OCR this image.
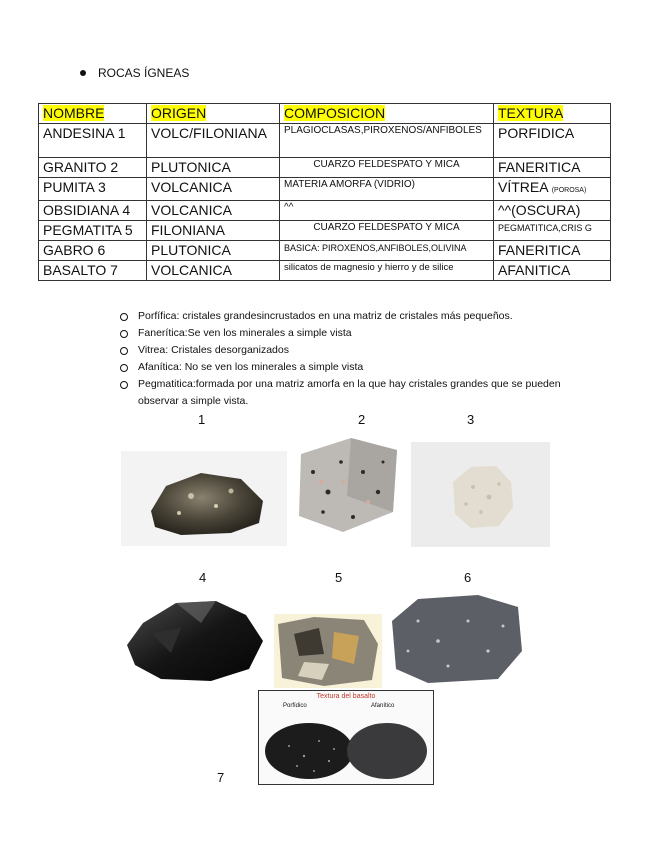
ROCAS ÍGNEAS
NOMBRE	ORIGEN	COMPOSICION	TEXTURA
ANDESINA 1	VOLC/FILONIANA	PLAGIOCLASAS,PIROXENOS/ANFIBOLES	PORFIDICA
GRANITO 2	PLUTONICA	CUARZO FELDESPATO Y MICA	FANERITICA
PUMITA 3	VOLCANICA	MATERIA AMORFA (VIDRIO)	VÍTREA (POROSA)
OBSIDIANA 4	VOLCANICA	^^	^^(OSCURA)
PEGMATITA 5	FILONIANA	CUARZO FELDESPATO Y MICA	PEGMATITICA,CRIS G
GABRO 6	PLUTONICA	BASICA: PIROXENOS,ANFIBOLES,OLIVINA	FANERITICA
BASALTO 7	VOLCANICA	silicatos de magnesio y hierro y de silice	AFANITICA
Porfífica: cristales grandesincrustados en una matriz de cristales más pequeños.
Fanerítica:Se ven los minerales a simple vista
Vitrea: Cristales desorganizados
Afanítica: No se ven los minerales a simple vista
Pegmatitica:formada por una matriz amorfa en la que hay cristales grandes que se pueden observar a simple vista.
1	2	3
4	5	6
7
Textura del basalto
Porfídico	Afanítico
